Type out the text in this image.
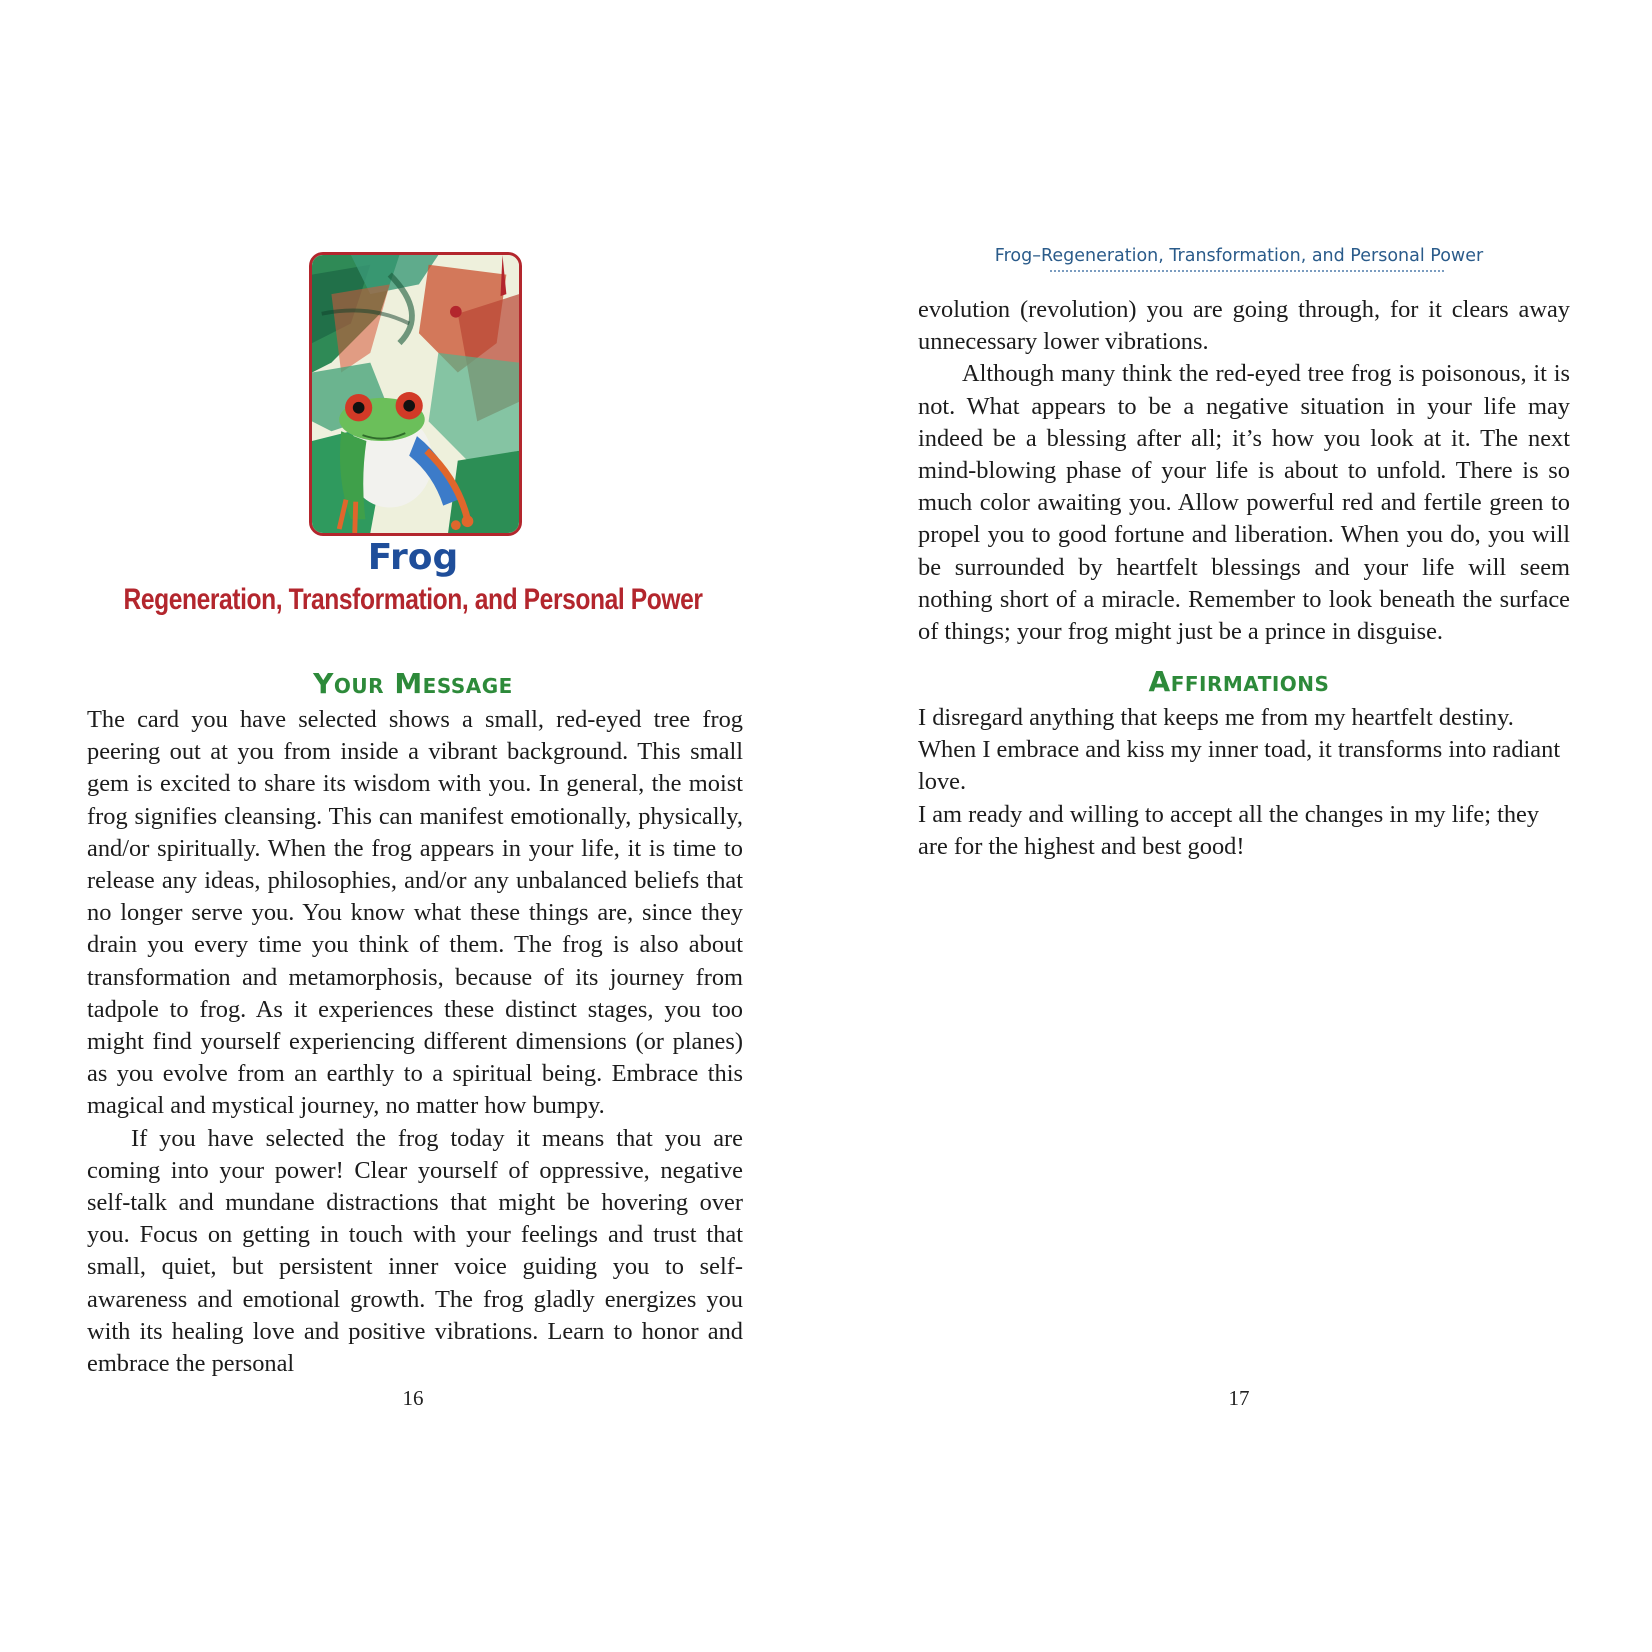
Frog
Regeneration, Transformation, and Personal Power
Your Message

The card you have selected shows a small, red-eyed tree frog peering out at you from inside a vibrant background. This small gem is excited to share its wisdom with you. In general, the moist frog signifies cleansing. This can manifest emotionally, physically, and/or spiritually. When the frog appears in your life, it is time to release any ideas, philosophies, and/or any unbalanced beliefs that no longer serve you. You know what these things are, since they drain you every time you think of them. The frog is also about transformation and metamorphosis, because of its journey from tadpole to frog. As it experiences these distinct stages, you too might find yourself experiencing different dimensions (or planes) as you evolve from an earthly to a spiritual being. Embrace this magical and mystical journey, no matter how bumpy.

If you have selected the frog today it means that you are coming into your power! Clear yourself of oppressive, negative self-talk and mundane distractions that might be hovering over you. Focus on getting in touch with your feelings and trust that small, quiet, but persistent inner voice guiding you to self-awareness and emotional growth. The frog gladly energizes you with its healing love and positive vibrations. Learn to honor and embrace the personal

16
Frog–Regeneration, Transformation, and Personal Power

evolution (revolution) you are going through, for it clears away unnecessary lower vibrations.

Although many think the red-eyed tree frog is poisonous, it is not. What appears to be a negative situation in your life may indeed be a blessing after all; it’s how you look at it. The next mind-blowing phase of your life is about to unfold. There is so much color awaiting you. Allow powerful red and fertile green to propel you to good fortune and liberation. When you do, you will be surrounded by heartfelt blessings and your life will seem nothing short of a miracle. Remember to look beneath the surface of things; your frog might just be a prince in disguise.

Affirmations

I disregard anything that keeps me from my heartfelt destiny.

When I embrace and kiss my inner toad, it transforms into radiant love.

I am ready and willing to accept all the changes in my life; they are for the highest and best good!

17
